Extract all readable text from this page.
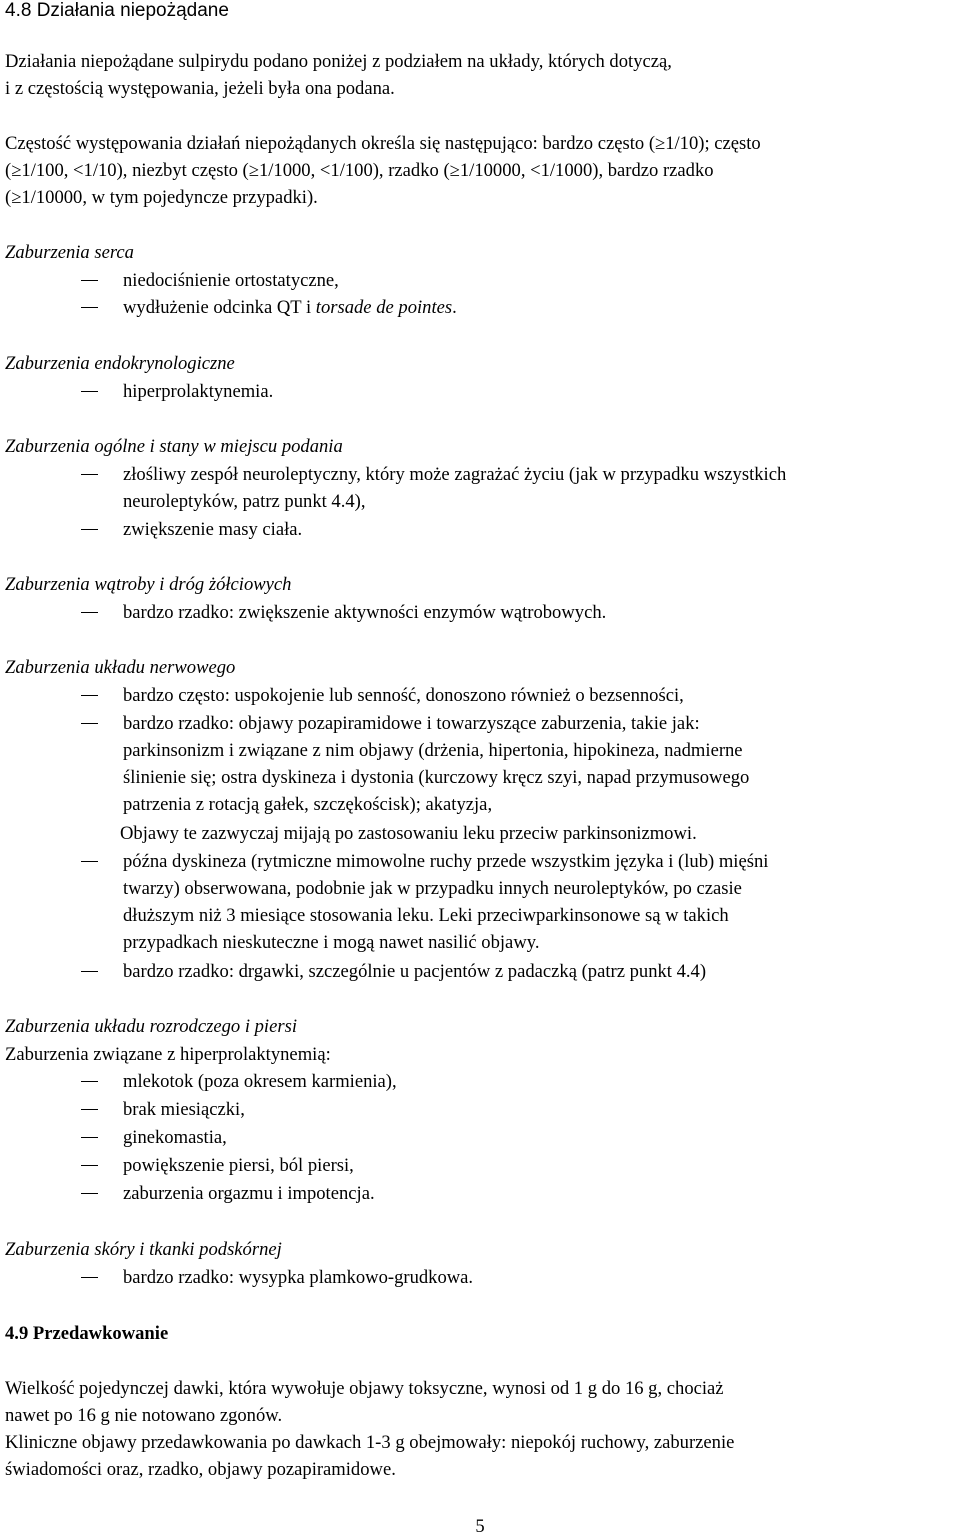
4.8 Działania niepożądane
Działania niepożądane sulpirydu podano poniżej z podziałem na układy, których dotyczą,
i z częstością występowania, jeżeli była ona podana.
Częstość występowania działań niepożądanych określa się następująco: bardzo często (≥1/10); często
(≥1/100, <1/10), niezbyt często (≥1/1000, <1/100), rzadko (≥1/10000, <1/1000), bardzo rzadko
(≥1/10000, w tym pojedyncze przypadki).
Zaburzenia serca
niedociśnienie ortostatyczne,
wydłużenie odcinka QT i torsade de pointes.
Zaburzenia endokrynologiczne
hiperprolaktynemia.
Zaburzenia ogólne i stany w miejscu podania
złośliwy zespół neuroleptyczny, który może zagrażać życiu (jak w przypadku wszystkich
neuroleptyków, patrz punkt 4.4),
zwiększenie masy ciała.
Zaburzenia wątroby i dróg żółciowych
bardzo rzadko: zwiększenie aktywności enzymów wątrobowych.
Zaburzenia układu nerwowego
bardzo często: uspokojenie lub senność, donoszono również o bezsenności,
bardzo rzadko: objawy pozapiramidowe i towarzyszące zaburzenia, takie jak:
parkinsonizm i związane z nim objawy (drżenia, hipertonia, hipokineza, nadmierne
ślinienie się; ostra dyskineza i dystonia (kurczowy kręcz szyi, napad przymusowego
patrzenia z rotacją gałek, szczękościsk); akatyzja,
Objawy te zazwyczaj mijają po zastosowaniu leku przeciw parkinsonizmowi.
późna dyskineza (rytmiczne mimowolne ruchy przede wszystkim języka i (lub) mięśni
twarzy) obserwowana, podobnie jak w przypadku innych neuroleptyków, po czasie
dłuższym niż 3 miesiące stosowania leku. Leki przeciwparkinsonowe są w takich
przypadkach nieskuteczne i mogą nawet nasilić objawy.
bardzo rzadko: drgawki, szczególnie u pacjentów z padaczką (patrz punkt 4.4)
Zaburzenia układu rozrodczego i piersi
Zaburzenia związane z hiperprolaktynemią:
mlekotok (poza okresem karmienia),
brak miesiączki,
ginekomastia,
powiększenie piersi, ból piersi,
zaburzenia orgazmu i impotencja.
Zaburzenia skóry i tkanki podskórnej
bardzo rzadko: wysypka plamkowo-grudkowa.
4.9 Przedawkowanie
Wielkość pojedynczej dawki, która wywołuje objawy toksyczne, wynosi od 1 g do 16 g, chociaż
nawet po 16 g nie notowano zgonów.
Kliniczne objawy przedawkowania po dawkach 1-3 g obejmowały: niepokój ruchowy, zaburzenie
świadomości oraz, rzadko, objawy pozapiramidowe.
5
